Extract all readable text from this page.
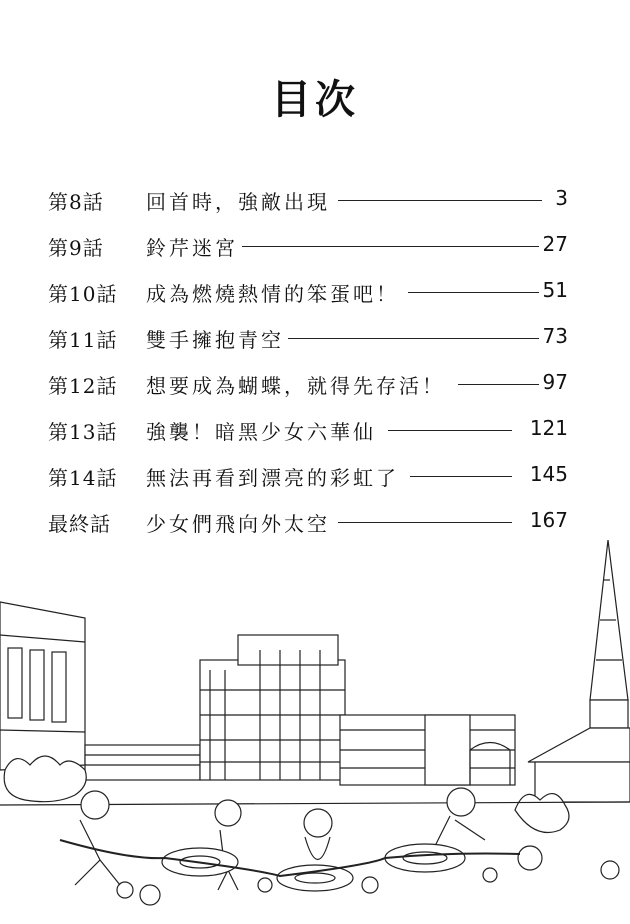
目次
第8話 回首時，強敵出現	3
第9話 鈴芹迷宮	27
第10話 成為燃燒熱情的笨蛋吧！	51
第11話 雙手擁抱青空	73
第12話 想要成為蝴蝶，就得先存活！	97
第13話 強襲！暗黑少女六華仙	121
第14話 無法再看到漂亮的彩虹了	145
最終話 少女們飛向外太空	167
